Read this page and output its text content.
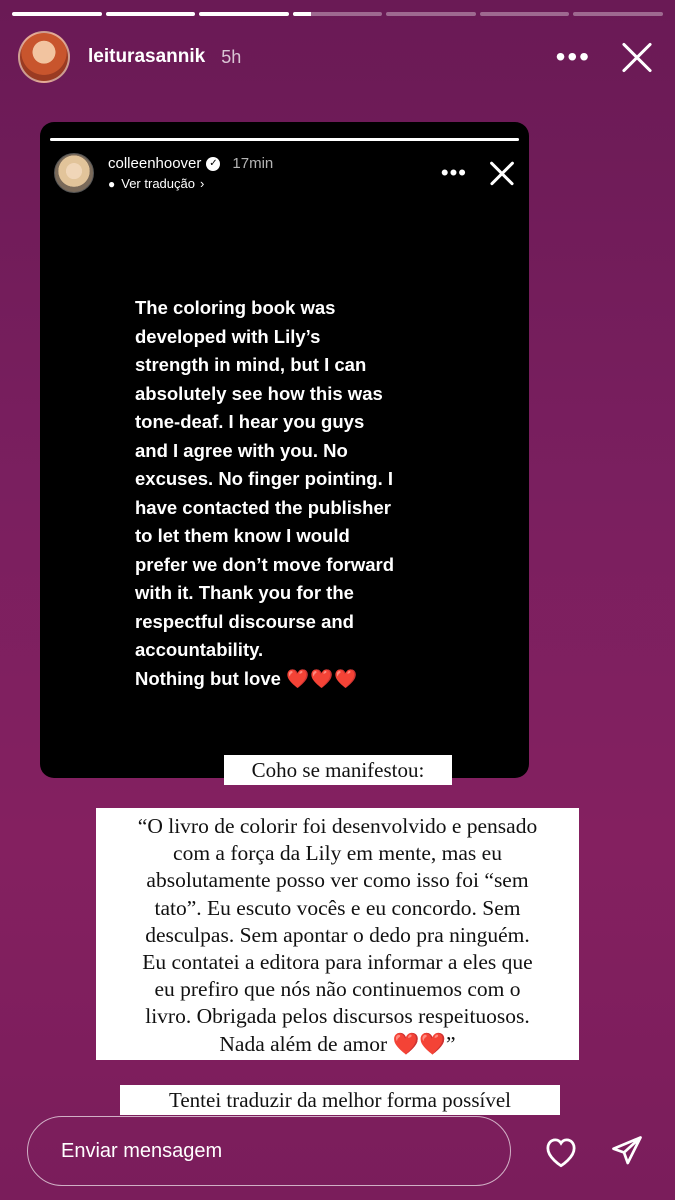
leiturasannik 5h	•••
colleenhoover ✓ 17min
● Ver tradução ›	•••
The coloring book was
developed with Lily’s
strength in mind, but I can
absolutely see how this was
tone-deaf. I hear you guys
and I agree with you. No
excuses. No finger pointing. I
have contacted the publisher
to let them know I would
prefer we don’t move forward
with it. Thank you for the
respectful discourse and
accountability.
Nothing but love ❤️❤️❤️
Coho se manifestou:
“O livro de colorir foi desenvolvido e pensado
com a força da Lily em mente, mas eu
absolutamente posso ver como isso foi “sem
tato”. Eu escuto vocês e eu concordo. Sem
desculpas. Sem apontar o dedo pra ninguém.
Eu contatei a editora para informar a eles que
eu prefiro que nós não continuemos com o
livro. Obrigada pelos discursos respeituosos.
Nada além de amor ❤️❤️”
Tentei traduzir da melhor forma possível
Enviar mensagem
